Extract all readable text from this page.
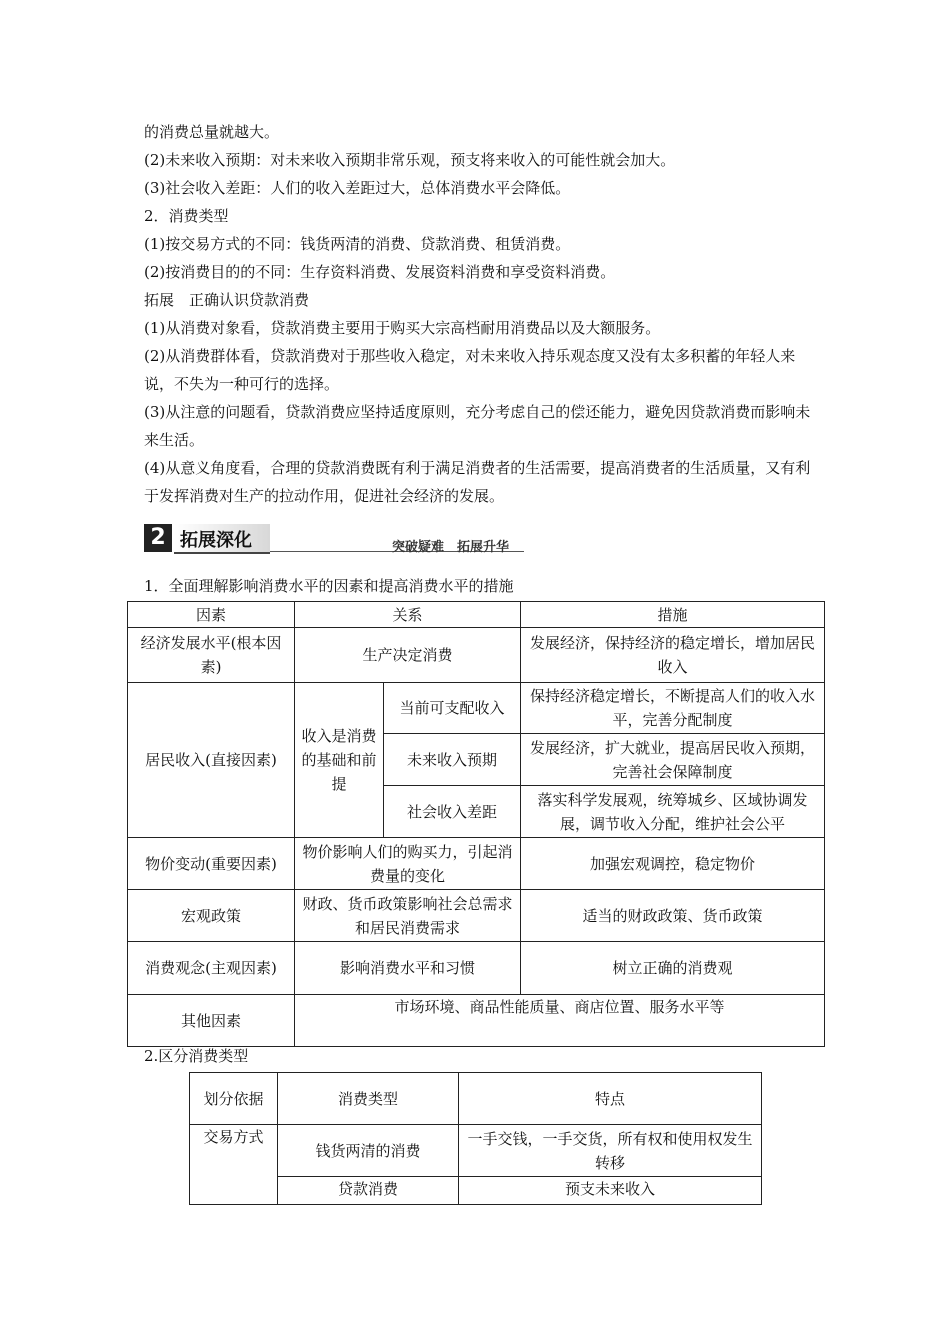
的消费总量就越大。

(2)未来收入预期：对未来收入预期非常乐观，预支将来收入的可能性就会加大。

(3)社会收入差距：人们的收入差距过大，总体消费水平会降低。

2．消费类型

(1)按交易方式的不同：钱货两清的消费、贷款消费、租赁消费。

(2)按消费目的的不同：生存资料消费、发展资料消费和享受资料消费。

拓展　正确认识贷款消费

(1)从消费对象看，贷款消费主要用于购买大宗高档耐用消费品以及大额服务。

(2)从消费群体看，贷款消费对于那些收入稳定，对未来收入持乐观态度又没有太多积蓄的年轻人来说，不失为一种可行的选择。

(3)从注意的问题看，贷款消费应坚持适度原则，充分考虑自己的偿还能力，避免因贷款消费而影响未来生活。

(4)从意义角度看，合理的贷款消费既有利于满足消费者的生活需要，提高消费者的生活质量，又有利于发挥消费对生产的拉动作用，促进社会经济的发展。

2 拓展深化	突破疑难　拓展升华

1．全面理解影响消费水平的因素和提高消费水平的措施

因素	关系		措施
经济发展水平(根本因素)	生产决定消费		发展经济，保持经济的稳定增长，增加居民收入
居民收入(直接因素)	收入是消费的基础和前提	当前可支配收入	保持经济稳定增长，不断提高人们的收入水平，完善分配制度
		未来收入预期	发展经济，扩大就业，提高居民收入预期，完善社会保障制度
		社会收入差距	落实科学发展观，统筹城乡、区域协调发展，调节收入分配，维护社会公平
物价变动(重要因素)	物价影响人们的购买力，引起消费量的变化		加强宏观调控，稳定物价
宏观政策	财政、货币政策影响社会总需求和居民消费需求		适当的财政政策、货币政策
消费观念(主观因素)	影响消费水平和习惯		树立正确的消费观
其他因素	市场环境、商品性能质量、商店位置、服务水平等		

2.区分消费类型

划分依据	消费类型	特点
交易方式	钱货两清的消费	一手交钱，一手交货，所有权和使用权发生转移
	贷款消费	预支未来收入
